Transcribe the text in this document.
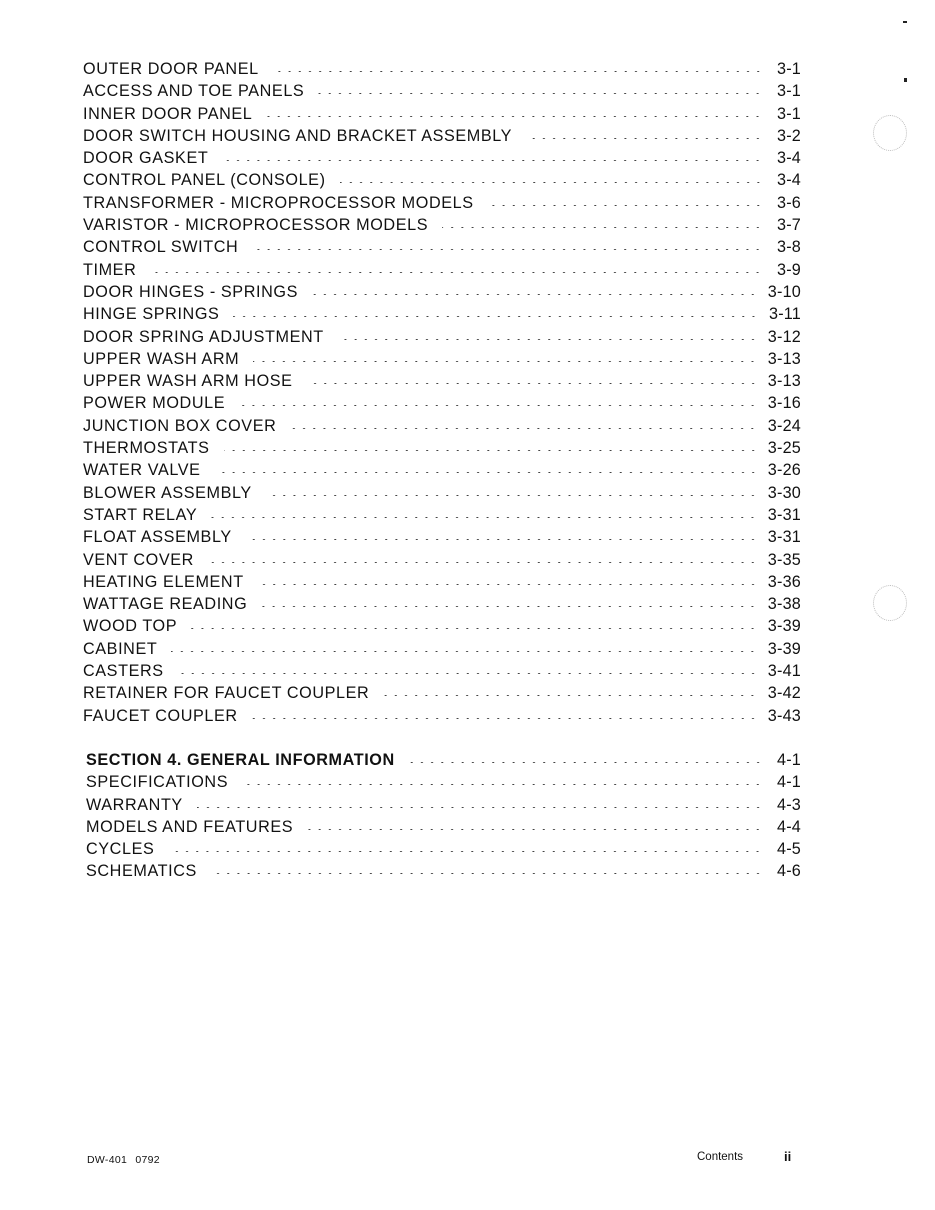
OUTER DOOR PANEL	3-1
ACCESS AND TOE PANELS	3-1
INNER DOOR PANEL	3-1
DOOR SWITCH HOUSING AND BRACKET ASSEMBLY	3-2
DOOR GASKET	3-4
CONTROL PANEL (CONSOLE)	3-4
TRANSFORMER - MICROPROCESSOR MODELS	3-6
VARISTOR - MICROPROCESSOR MODELS	3-7
CONTROL SWITCH	3-8
TIMER	3-9
DOOR HINGES - SPRINGS	3-10
HINGE SPRINGS	3-11
DOOR SPRING ADJUSTMENT	3-12
UPPER WASH ARM	3-13
UPPER WASH ARM HOSE	3-13
POWER MODULE	3-16
JUNCTION BOX COVER	3-24
THERMOSTATS	3-25
WATER VALVE	3-26
BLOWER ASSEMBLY	3-30
START RELAY	3-31
FLOAT ASSEMBLY	3-31
VENT COVER	3-35
HEATING ELEMENT	3-36
WATTAGE READING	3-38
WOOD TOP	3-39
CABINET	3-39
CASTERS	3-41
RETAINER FOR FAUCET COUPLER	3-42
FAUCET COUPLER	3-43
SECTION 4. GENERAL INFORMATION	4-1
SPECIFICATIONS	4-1
WARRANTY	4-3
MODELS AND FEATURES	4-4
CYCLES	4-5
SCHEMATICS	4-6
DW-401 0792	Contents	ii
